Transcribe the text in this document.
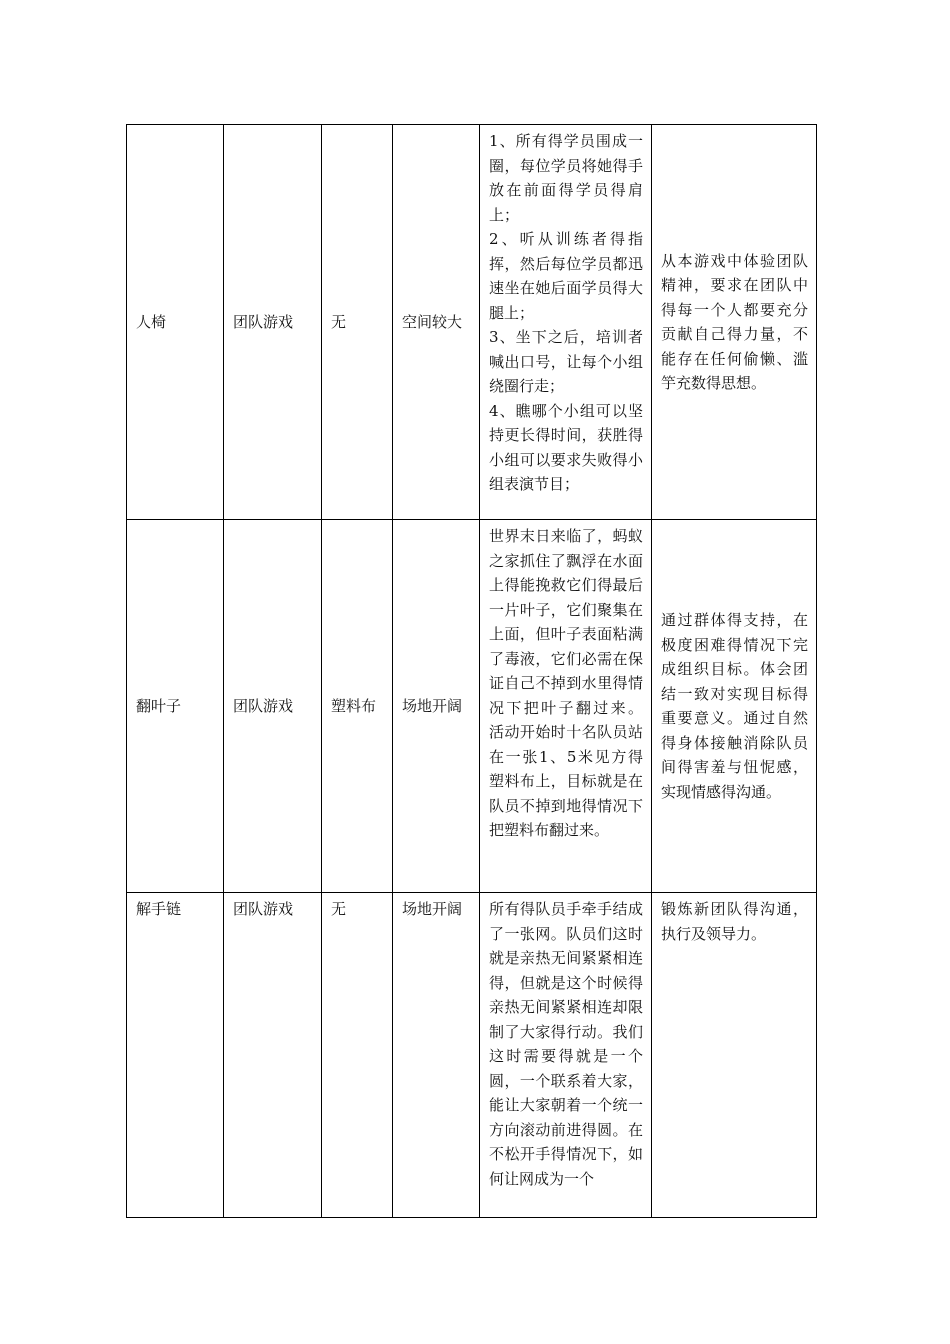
人椅	团队游戏	无	空间较大	1、所有得学员围成一圈，每位学员将她得手放在前面得学员得肩上；
2、听从训练者得指挥，然后每位学员都迅速坐在她后面学员得大腿上；
3、坐下之后，培训者喊出口号，让每个小组绕圈行走；
4、瞧哪个小组可以坚持更长得时间，获胜得小组可以要求失败得小组表演节目；	从本游戏中体验团队精神，要求在团队中得每一个人都要充分贡献自己得力量，不能存在任何偷懒、滥竽充数得思想。
翻叶子	团队游戏	塑料布	场地开阔	世界末日来临了，蚂蚁之家抓住了飘浮在水面上得能挽救它们得最后一片叶子，它们聚集在上面，但叶子表面粘满了毒液，它们必需在保证自己不掉到水里得情况下把叶子翻过来。 活动开始时十名队员站在一张1、5米见方得塑料布上，目标就是在队员不掉到地得情况下把塑料布翻过来。	通过群体得支持，在极度困难得情况下完成组织目标。体会团结一致对实现目标得重要意义。通过自然得身体接触消除队员间得害羞与忸怩感，实现情感得沟通。
解手链	团队游戏	无	场地开阔	所有得队员手牵手结成了一张网。队员们这时就是亲热无间紧紧相连得，但就是这个时候得亲热无间紧紧相连却限制了大家得行动。我们这时需要得就是一个圆，一个联系着大家，能让大家朝着一个统一方向滚动前进得圆。在不松开手得情况下，如何让网成为一个	锻炼新团队得沟通，执行及领导力。
